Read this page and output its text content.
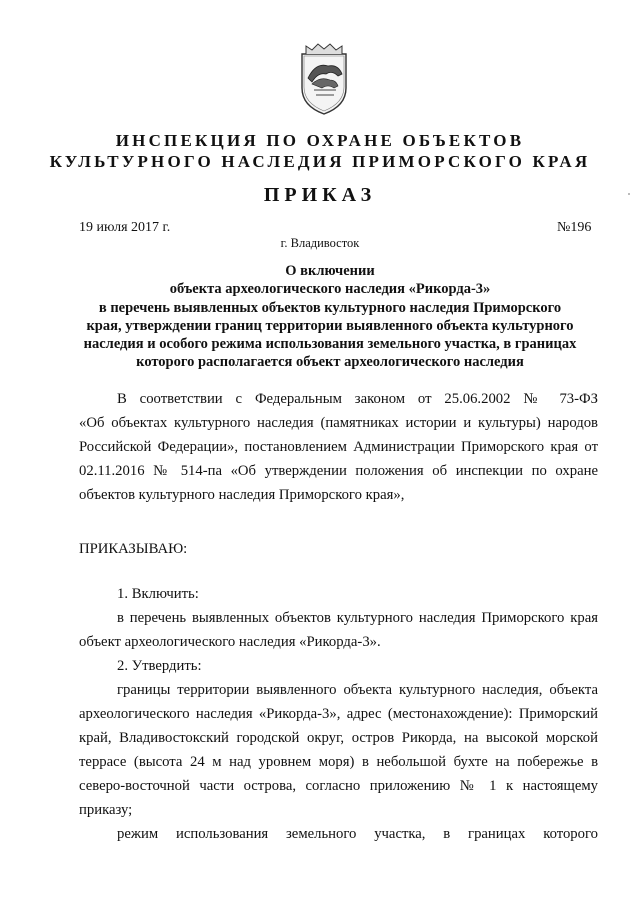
ИНСПЕКЦИЯ ПО ОХРАНЕ ОБЪЕКТОВ
КУЛЬТУРНОГО НАСЛЕДИЯ ПРИМОРСКОГО КРАЯ
ПРИКАЗ
19 июля 2017 г.	№196
г. Владивосток
О включении
объекта археологического наследия «Рикорда-3»
в перечень выявленных объектов культурного наследия Приморского
края, утверждении границ территории выявленного объекта культурного
наследия и особого режима использования земельного участка, в границах
которого располагается объект археологического наследия
В соответствии с Федеральным законом от 25.06.2002 № 73-ФЗ
«Об объектах культурного наследия (памятниках истории и культуры) народов
Российской Федерации», постановлением Администрации Приморского края от
02.11.2016 № 514-па «Об утверждении положения об инспекции по охране
объектов культурного наследия Приморского края»,
ПРИКАЗЫВАЮ:
1. Включить:
в перечень выявленных объектов культурного наследия Приморского края
объект археологического наследия «Рикорда-3».
2. Утвердить:
границы территории выявленного объекта культурного наследия, объекта
археологического наследия «Рикорда-3», адрес (местонахождение): Приморский
край, Владивостокский городской округ, остров Рикорда, на высокой морской
террасе (высота 24 м над уровнем моря) в небольшой бухте на побережье в
северо-восточной части острова, согласно приложению № 1 к настоящему
приказу;
режим использования земельного участка, в границах которого
